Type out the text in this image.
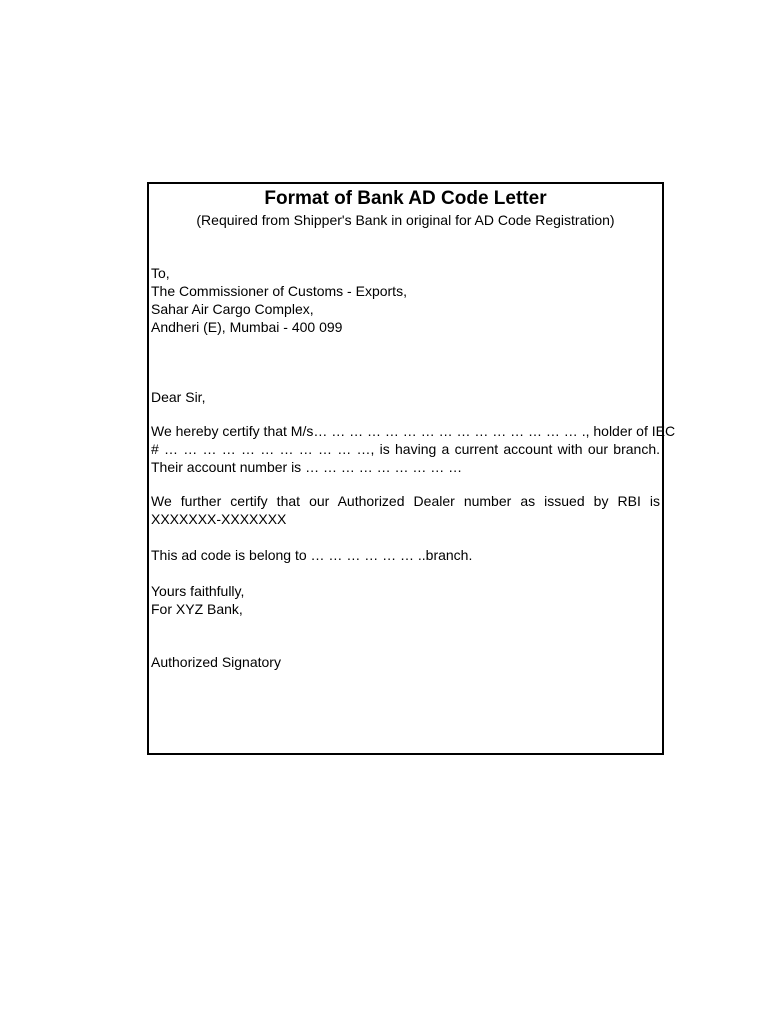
Format of Bank AD Code Letter
(Required from Shipper's Bank in original for AD Code Registration)
To,
The Commissioner of Customs - Exports,
Sahar Air Cargo Complex,
Andheri (E), Mumbai - 400 099
Dear Sir,
We hereby certify that M/s… … … … … … … … … … … … … … … ., holder of IEC
# … … … … … … … … … … …, is having a current account with our branch.
Their account number is … … … … … … … … …
We further certify that our Authorized Dealer number as issued by RBI is
XXXXXXX-XXXXXXX
This ad code is belong to … … … … … … ..branch.
Yours faithfully,
For XYZ Bank,
Authorized Signatory
